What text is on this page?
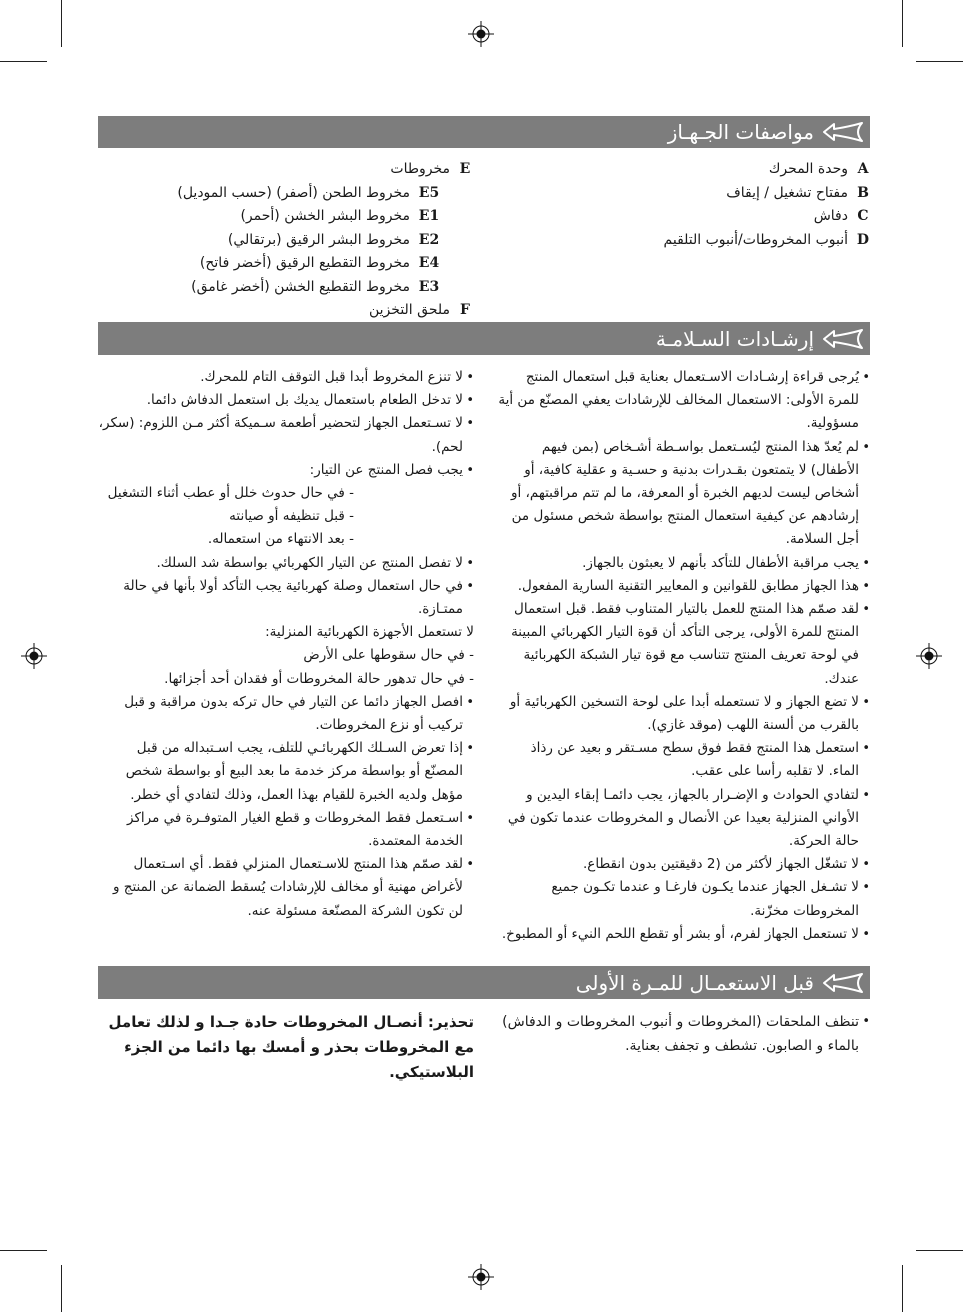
مواصفات الجـهـاز
A
وحدة المحرك
B
مفتاح تشغيل / إيقاف
C
دفاش
D
أنبوب المخروطات/أنبوب التلقيم
E
مخروطات
E5
مخروط الطحن (أصفر) (حسب الموديل)
E1
مخروط البشر الخشن (أحمر)
E2
مخروط البشر الرقيق (برتقالي)
E4
مخروط التقطيع الرقيق (أخضر فاتح)
E3
مخروط التقطيع الخشن (أخضر غامق)
F
ملحق التخزين
إرشـادات السـلامـة
• يُرجى قراءة إرشـادات الاسـتعمال بعناية قبل استعمال المنتج للمرة الأولى: الاستعمال المخالف للإرشادات يعفي المصنّع من أية مسؤولية.
• لم يُعدّ هذا المنتج ليُسـتعمل بواسـطة أشـخاص (بمن فيهم الأطفال) لا يتمتعون بقـدرات بدنية و حسـية و عقلية كافية، أو أشخاص ليست لديهم الخبرة أو المعرفة، ما لم تتم مراقبتهم، أو إرشادهم عن كيفية استعمال المنتج بواسطة شخص مسئول من أجل السلامة.
• يجب مراقبة الأطفال للتأكد بأنهم لا يعبثون بالجهاز.
• هذا الجهاز مطابق للقوانين و المعايير التقنية السارية المفعول.
• لقد صمّم هذا المنتج للعمل بالتيار المتناوب فقط. قبل استعمال المنتج للمرة الأولى، يرجى التأكد أن قوة التيار الكهربائي المبينة في لوحة تعريف المنتج تتناسب مع قوة تيار الشبكة الكهربائية عندك.
• لا تضع الجهاز و لا تستعمله أبدا على لوحة التسخين الكهربائية أو بالقرب من ألسنة اللهب (موقد غازي).
• استعمل هذا المنتج فقط فوق سطح مسـتقر و بعيد عن رذاذ الماء. لا تقلبه رأسا على عقب.
• لتفادي الحوادث و الإضـرار بالجهاز، يجب دائمـا إبقاء اليدين و الأواني المنزلية بعيدا عن الأنصال و المخروطات عندما تكون في حالة الحركة.
• لا تشغّل الجهاز لأكثر من (2 دقيقتين بدون انقطاع.
• لا تشـغل الجهاز عندما يكـون فارغـا و عندما تكـون جميع المخروطات مخزّنة.
• لا تستعمل الجهاز لفرم، أو بشر أو تقطع اللحم النيء أو المطبوخ.
• لا تنزع المخروط أبدا قبل التوقف التام للمحرك.
• لا تدخل الطعام باستعمال يديك بل استعمل الدفاش دائما.
• لا تسـتعمل الجهاز لتحضير أطعمة سـميكة أكثر مـن اللزوم: (سكر، لحم).
• يجب فصل المنتج عن التيار:
- في حال حدوث خلل أو عطب أثناء التشغيل
- قبل تنظيفه أو صيانته
- بعد الانتهاء من استعماله.
• لا تفصل المنتج عن التيار الكهربائي بواسطة شد السلك.
• في حال استعمال وصلة كهربائية يجب التأكد أولا بأنها في حالة ممتـازة.
لا تستعمل الأجهزة الكهربائية المنزلية:
- في حال سقوطها على الأرض
- في حال تدهور حالة المخروطات أو فقدان أحد أجزائها.
• افصل الجهاز دائما عن التيار في حال تركه بدون مراقبة و قبل تركيب أو نزع المخروطات.
• إذا تعرض السـلك الكهربائـي للتلف، يجب اسـتبداله من قبل المصنّع أو بواسطة مركز خدمة ما بعد البيع أو بواسطة شخص مؤهل ولديه الخبرة للقيام بهذا العمل، وذلك لتفادي أي خطر.
• اسـتعمل فقط المخروطات و قطع الغيار المتوفـرة في مراكز الخدمة المعتمدة.
• لقد صمّم هذا المنتج للاسـتعمال المنزلي فقط. أي اسـتعمال لأغراض مهنية أو مخالف للإرشادات يُسقط الضمانة عن المنتج و لن تكون الشركة المصنّعة مسئولة عنه.
قبل الاستعمـال للمـرة الأولى
• تنظف الملحقات (المخروطات و أنبوب المخروطات و الدفاش) بالماء و الصابون. تشطف و تجفف بعناية.
تحذير: أنصـال المخروطات حادة جـدا و لذلك تعامل مع المخروطات بحذر و أمسك بها دائما من الجزء البلاستيكي.
